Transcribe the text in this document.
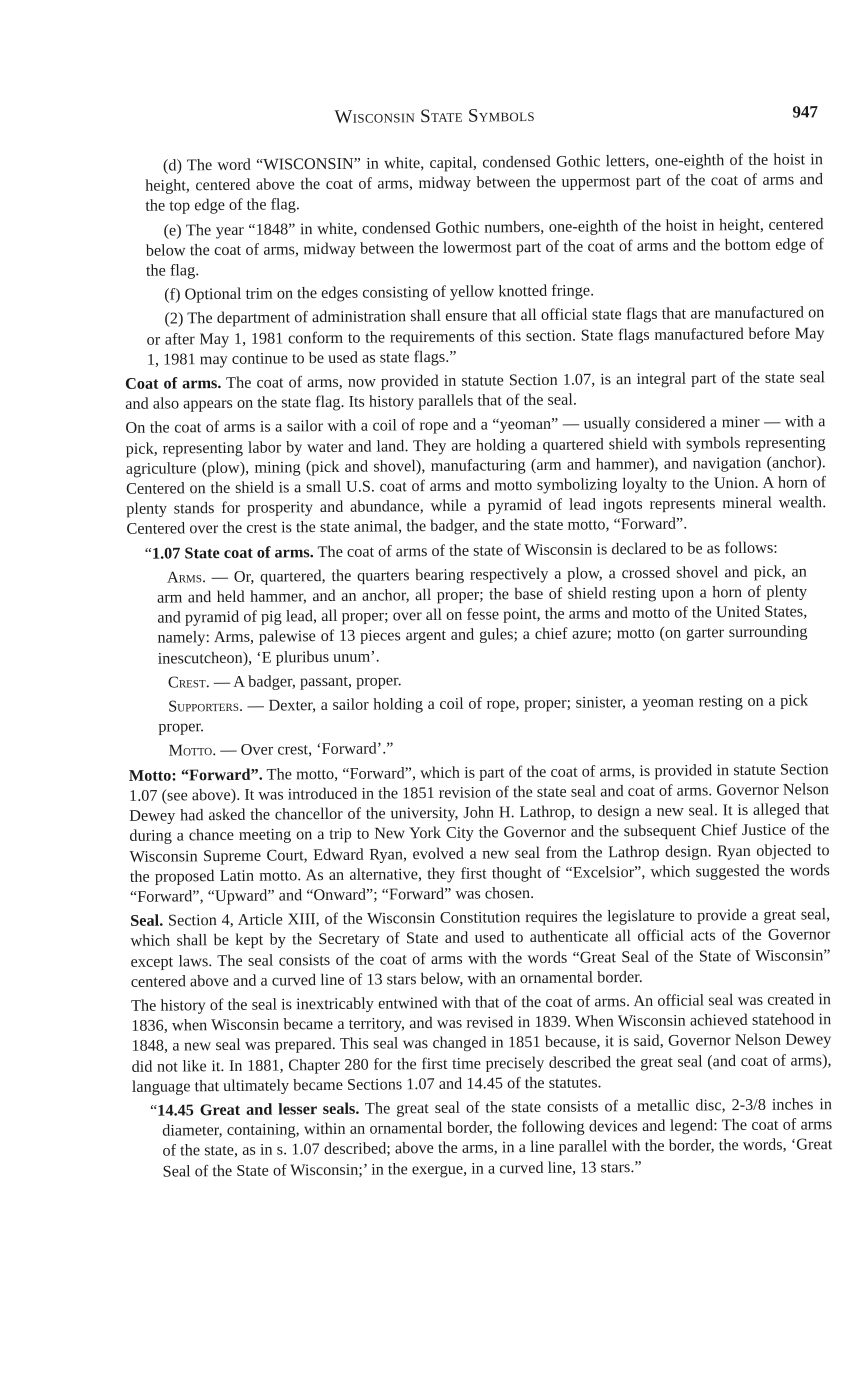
Wisconsin State Symbols	947

(d) The word “WISCONSIN” in white, capital, condensed Gothic letters, one-eighth of the hoist in height, centered above the coat of arms, midway between the uppermost part of the coat of arms and the top edge of the flag.

(e) The year “1848” in white, condensed Gothic numbers, one-eighth of the hoist in height, centered below the coat of arms, midway between the lowermost part of the coat of arms and the bottom edge of the flag.

(f) Optional trim on the edges consisting of yellow knotted fringe.

(2) The department of administration shall ensure that all official state flags that are manufactured on or after May 1, 1981 conform to the requirements of this section. State flags manufactured before May 1, 1981 may continue to be used as state flags.”

Coat of arms. The coat of arms, now provided in statute Section 1.07, is an integral part of the state seal and also appears on the state flag. Its history parallels that of the seal.

On the coat of arms is a sailor with a coil of rope and a “yeoman” — usually considered a miner — with a pick, representing labor by water and land. They are holding a quartered shield with symbols representing agriculture (plow), mining (pick and shovel), manufacturing (arm and hammer), and navigation (anchor). Centered on the shield is a small U.S. coat of arms and motto symbolizing loyalty to the Union. A horn of plenty stands for prosperity and abundance, while a pyramid of lead ingots represents mineral wealth. Centered over the crest is the state animal, the badger, and the state motto, “Forward”.

“1.07 State coat of arms. The coat of arms of the state of Wisconsin is declared to be as follows:

Arms. — Or, quartered, the quarters bearing respectively a plow, a crossed shovel and pick, an arm and held hammer, and an anchor, all proper; the base of shield resting upon a horn of plenty and pyramid of pig lead, all proper; over all on fesse point, the arms and motto of the United States, namely: Arms, palewise of 13 pieces argent and gules; a chief azure; motto (on garter surrounding inescutcheon), ‘E pluribus unum’.

Crest. — A badger, passant, proper.

Supporters. — Dexter, a sailor holding a coil of rope, proper; sinister, a yeoman resting on a pick proper.

Motto. — Over crest, ‘Forward’.”

Motto: “Forward”. The motto, “Forward”, which is part of the coat of arms, is provided in statute Section 1.07 (see above). It was introduced in the 1851 revision of the state seal and coat of arms. Governor Nelson Dewey had asked the chancellor of the university, John H. Lathrop, to design a new seal. It is alleged that during a chance meeting on a trip to New York City the Governor and the subsequent Chief Justice of the Wisconsin Supreme Court, Edward Ryan, evolved a new seal from the Lathrop design. Ryan objected to the proposed Latin motto. As an alternative, they first thought of “Excelsior”, which suggested the words “Forward”, “Upward” and “Onward”; “Forward” was chosen.

Seal. Section 4, Article XIII, of the Wisconsin Constitution requires the legislature to provide a great seal, which shall be kept by the Secretary of State and used to authenticate all official acts of the Governor except laws. The seal consists of the coat of arms with the words “Great Seal of the State of Wisconsin” centered above and a curved line of 13 stars below, with an ornamental border.

The history of the seal is inextricably entwined with that of the coat of arms. An official seal was created in 1836, when Wisconsin became a territory, and was revised in 1839. When Wisconsin achieved statehood in 1848, a new seal was prepared. This seal was changed in 1851 because, it is said, Governor Nelson Dewey did not like it. In 1881, Chapter 280 for the first time precisely described the great seal (and coat of arms), language that ultimately became Sections 1.07 and 14.45 of the statutes.

“14.45 Great and lesser seals. The great seal of the state consists of a metallic disc, 2-3/8 inches in diameter, containing, within an ornamental border, the following devices and legend: The coat of arms of the state, as in s. 1.07 described; above the arms, in a line parallel with the border, the words, ‘Great Seal of the State of Wisconsin;’ in the exergue, in a curved line, 13 stars.”
